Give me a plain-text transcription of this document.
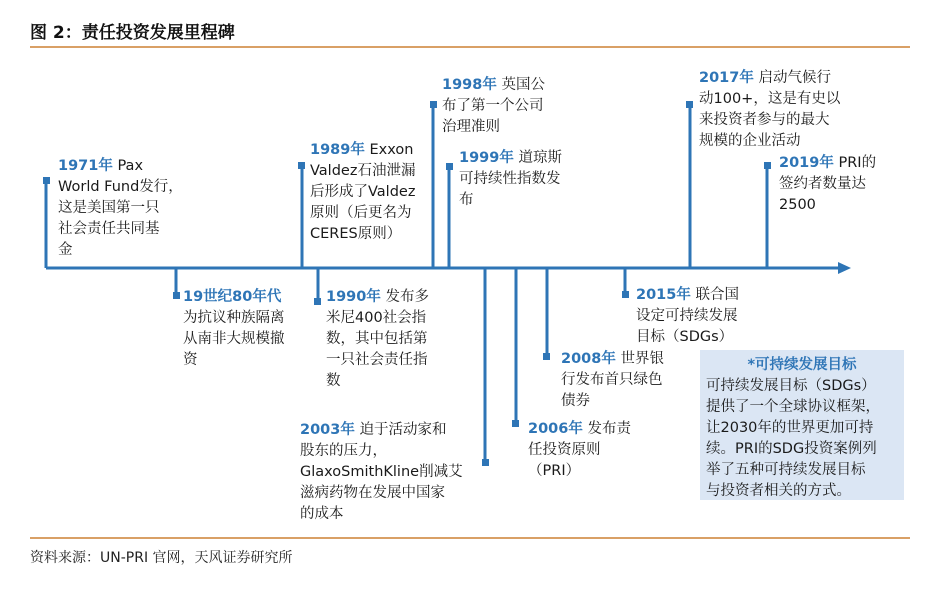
图 2：责任投资发展里程碑
1971年 Pax
World Fund发行，
这是美国第一只
社会责任共同基
金
19世纪80年代
为抗议种族隔离
从南非大规模撤
资
1989年 Exxon
Valdez石油泄漏
后形成了Valdez
原则（后更名为
CERES原则）
1990年 发布多
米尼400社会指
数，其中包括第
一只社会责任指
数
1998年 英国公
布了第一个公司
治理准则
1999年 道琼斯
可持续性指数发
布
2003年 迫于活动家和
股东的压力，
GlaxoSmithKline削减艾
滋病药物在发展中国家
的成本
2006年 发布责
任投资原则
（PRI）
2008年 世界银
行发布首只绿色
债券
2015年 联合国
设定可持续发展
目标（SDGs）
2017年 启动气候行
动100+，这是有史以
来投资者参与的最大
规模的企业活动
2019年 PRI的
签约者数量达
2500
*可持续发展目标
可持续发展目标（SDGs）
提供了一个全球协议框架，
让2030年的世界更加可持
续。PRI的SDG投资案例列
举了五种可持续发展目标
与投资者相关的方式。
资料来源：UN-PRI 官网，天风证券研究所
